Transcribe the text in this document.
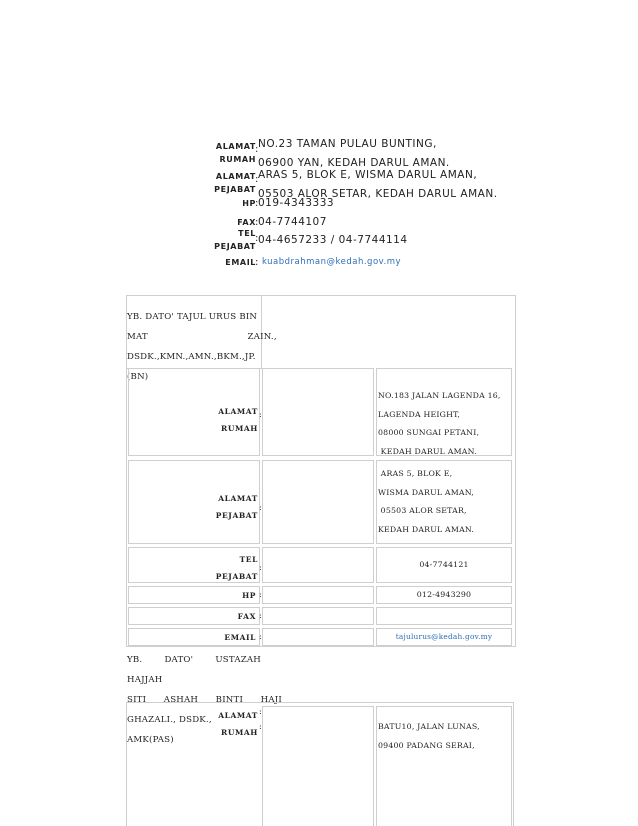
ALAMAT
RUMAH
: NO.23 TAMAN PULAU BUNTING,
06900 YAN, KEDAH DARUL AMAN.
ALAMAT
PEJABAT
: ARAS 5, BLOK E, WISMA DARUL AMAN,
05503 ALOR SETAR, KEDAH DARUL AMAN.
HP : 019-4343333
FAX : 04-7744107
TEL
PEJABAT
: 04-4657233 / 04-7744114
EMAIL : kuabdrahman@kedah.gov.my
YB. DATO' TAJUL URUS BIN
MAT                                  ZAIN.,
DSDK.,KMN.,AMN.,BKM.,JP.
(BN)
ALAMAT
RUMAH
:
NO.183 JALAN LAGENDA 16,
LAGENDA HEIGHT,
08000 SUNGAI PETANI,
KEDAH DARUL AMAN.
ALAMAT
PEJABAT
:
ARAS 5, BLOK E,
WISMA DARUL AMAN,
05503 ALOR SETAR,
KEDAH DARUL AMAN.
TEL
PEJABAT
:	04-7744121
HP :	012-4943290
FAX :
EMAIL :	tajulurus@kedah.gov.my
YB. DATO' USTAZAH HAJJAH
SITI      ASHAH      BINTI      HAJI
GHAZALI., DSDK., AMK(PAS)
ALAMAT
RUMAH
:
:	BATU10, JALAN LUNAS,
09400 PADANG SERAI,
